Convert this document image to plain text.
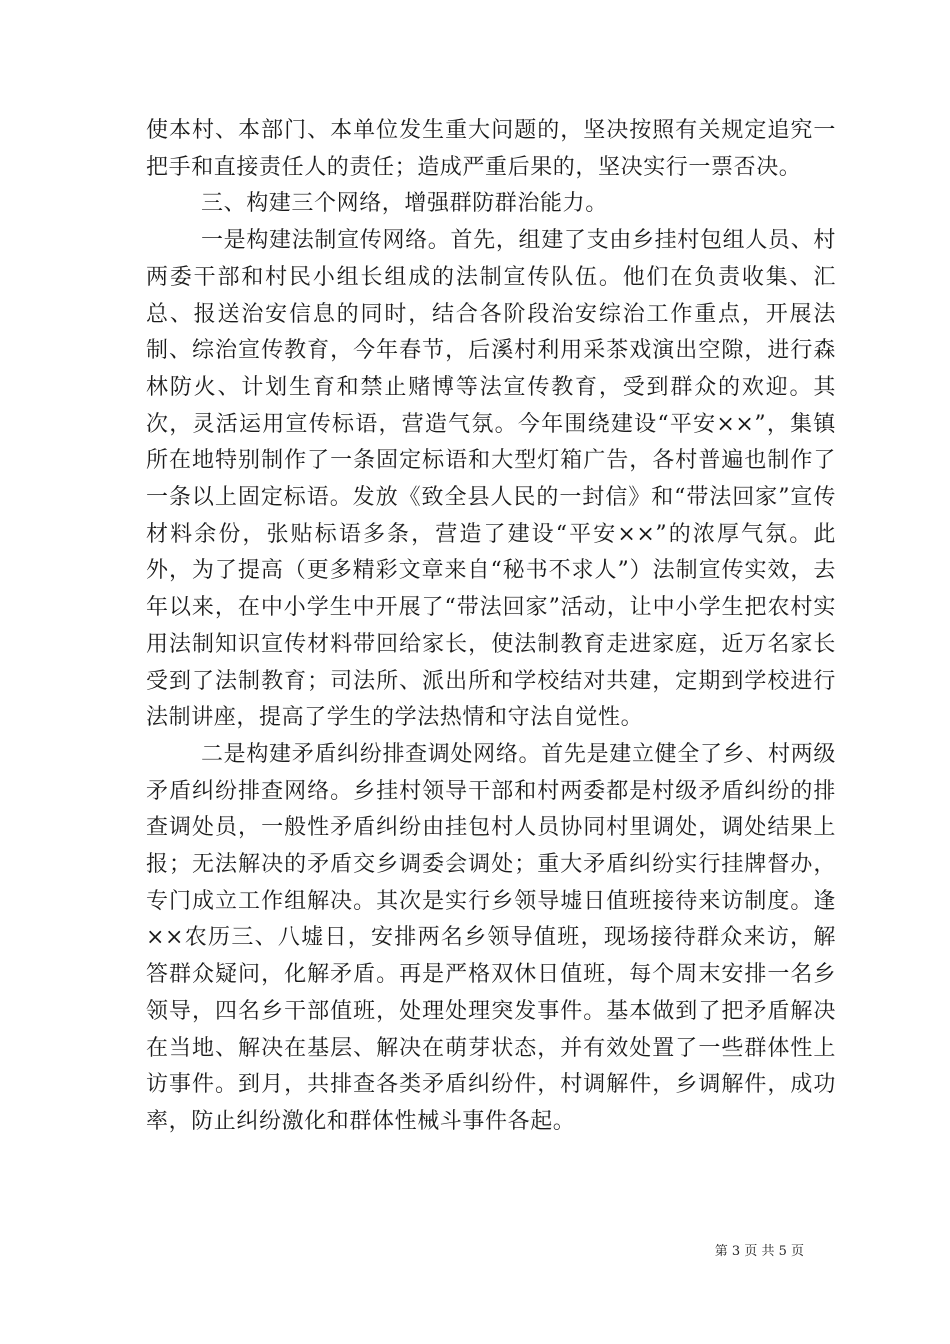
使本村、本部门、本单位发生重大问题的，坚决按照有关规定追究一把手和直接责任人的责任；造成严重后果的，坚决实行一票否决。

三、构建三个网络，增强群防群治能力。

一是构建法制宣传网络。首先，组建了支由乡挂村包组人员、村两委干部和村民小组长组成的法制宣传队伍。他们在负责收集、汇总、报送治安信息的同时，结合各阶段治安综治工作重点，开展法制、综治宣传教育，今年春节，后溪村利用采茶戏演出空隙，进行森林防火、计划生育和禁止赌博等法宣传教育，受到群众的欢迎。其次，灵活运用宣传标语，营造气氛。今年围绕建设“平安××”，集镇所在地特别制作了一条固定标语和大型灯箱广告，各村普遍也制作了一条以上固定标语。发放《致全县人民的一封信》和“带法回家”宣传材料余份，张贴标语多条，营造了建设“平安××”的浓厚气氛。此外，为了提高（更多精彩文章来自“秘书不求人”）法制宣传实效，去年以来，在中小学生中开展了“带法回家”活动，让中小学生把农村实用法制知识宣传材料带回给家长，使法制教育走进家庭，近万名家长受到了法制教育；司法所、派出所和学校结对共建，定期到学校进行法制讲座，提高了学生的学法热情和守法自觉性。

二是构建矛盾纠纷排查调处网络。首先是建立健全了乡、村两级矛盾纠纷排查网络。乡挂村领导干部和村两委都是村级矛盾纠纷的排查调处员，一般性矛盾纠纷由挂包村人员协同村里调处，调处结果上报；无法解决的矛盾交乡调委会调处；重大矛盾纠纷实行挂牌督办，专门成立工作组解决。其次是实行乡领导墟日值班接待来访制度。逢××农历三、八墟日，安排两名乡领导值班，现场接待群众来访，解答群众疑问，化解矛盾。再是严格双休日值班，每个周末安排一名乡领导，四名乡干部值班，处理处理突发事件。基本做到了把矛盾解决在当地、解决在基层、解决在萌芽状态，并有效处置了一些群体性上访事件。到月，共排查各类矛盾纠纷件，村调解件，乡调解件，成功率，防止纠纷激化和群体性械斗事件各起。

第 3 页 共 5 页
